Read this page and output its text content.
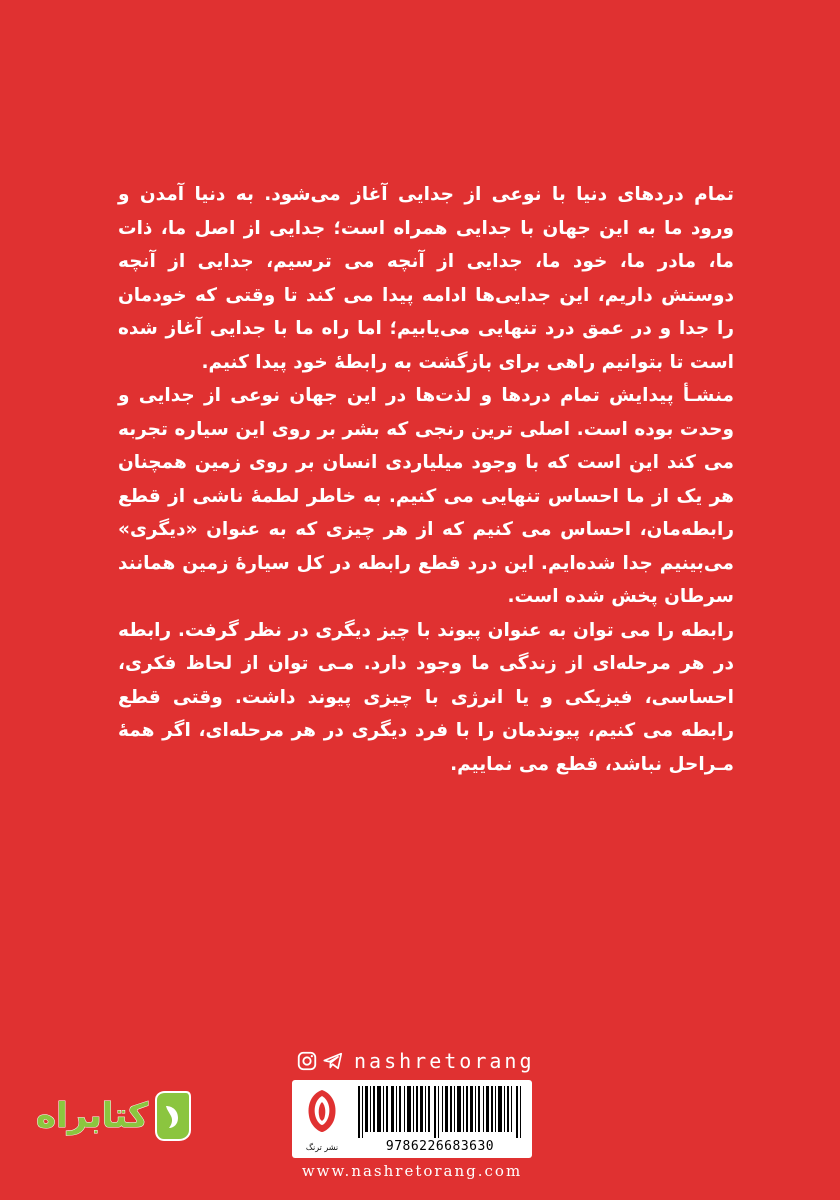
تمام دردهای دنیا با نوعی از جدایی آغاز می‌شود. به دنیا آمدن و ورود ما به این جهان با جدایی همراه است؛ جدایی از اصل ما، ذات ما، مادر ما، خود ما، جدایی از آنچه می ترسیم، جدایی از آنچه دوستش داریم، این جدایی‌ها ادامه پیدا می کند تا وقتی که خودمان را جدا و در عمق درد تنهایی می‌یابیم؛ اما راه ما با جدایی آغاز شده است تا بتوانیم راهی برای بازگشت به رابطهٔ خود پیدا کنیم.

منشـأ پیدایش تمام دردها و لذت‌ها در این جهان نوعی از جدایی و وحدت بوده است. اصلی ترین رنجی که بشر بر روی این سیاره تجربه می کند این است که با وجود میلیاردی انسان بر روی زمین همچنان هر یک از ما احساس تنهایی می کنیم. به خاطر لطمهٔ ناشی از قطع رابطه‌مان، احساس می کنیم که از هر چیزی که به عنوان «دیگری» می‌بینیم جدا شده‌ایم. این درد قطع رابطه در کل سیارهٔ زمین همانند سرطان پخش شده است.

رابطه را می توان به عنوان پیوند با چیز دیگری در نظر گرفت. رابطه در هر مرحله‌ای از زندگی ما وجود دارد. مـی توان از لحاظ فکری، احساسی، فیزیکی و یا انرژی با چیزی پیوند داشت. وقتی قطع رابطه می کنیم، پیوندمان را با فرد دیگری در هر مرحله‌ای، اگر همهٔ مـراحل نباشد، قطع می نماییم.

nashretorang
نشر ترنگ	9786226683630
www.nashretorang.com
كتابراه
